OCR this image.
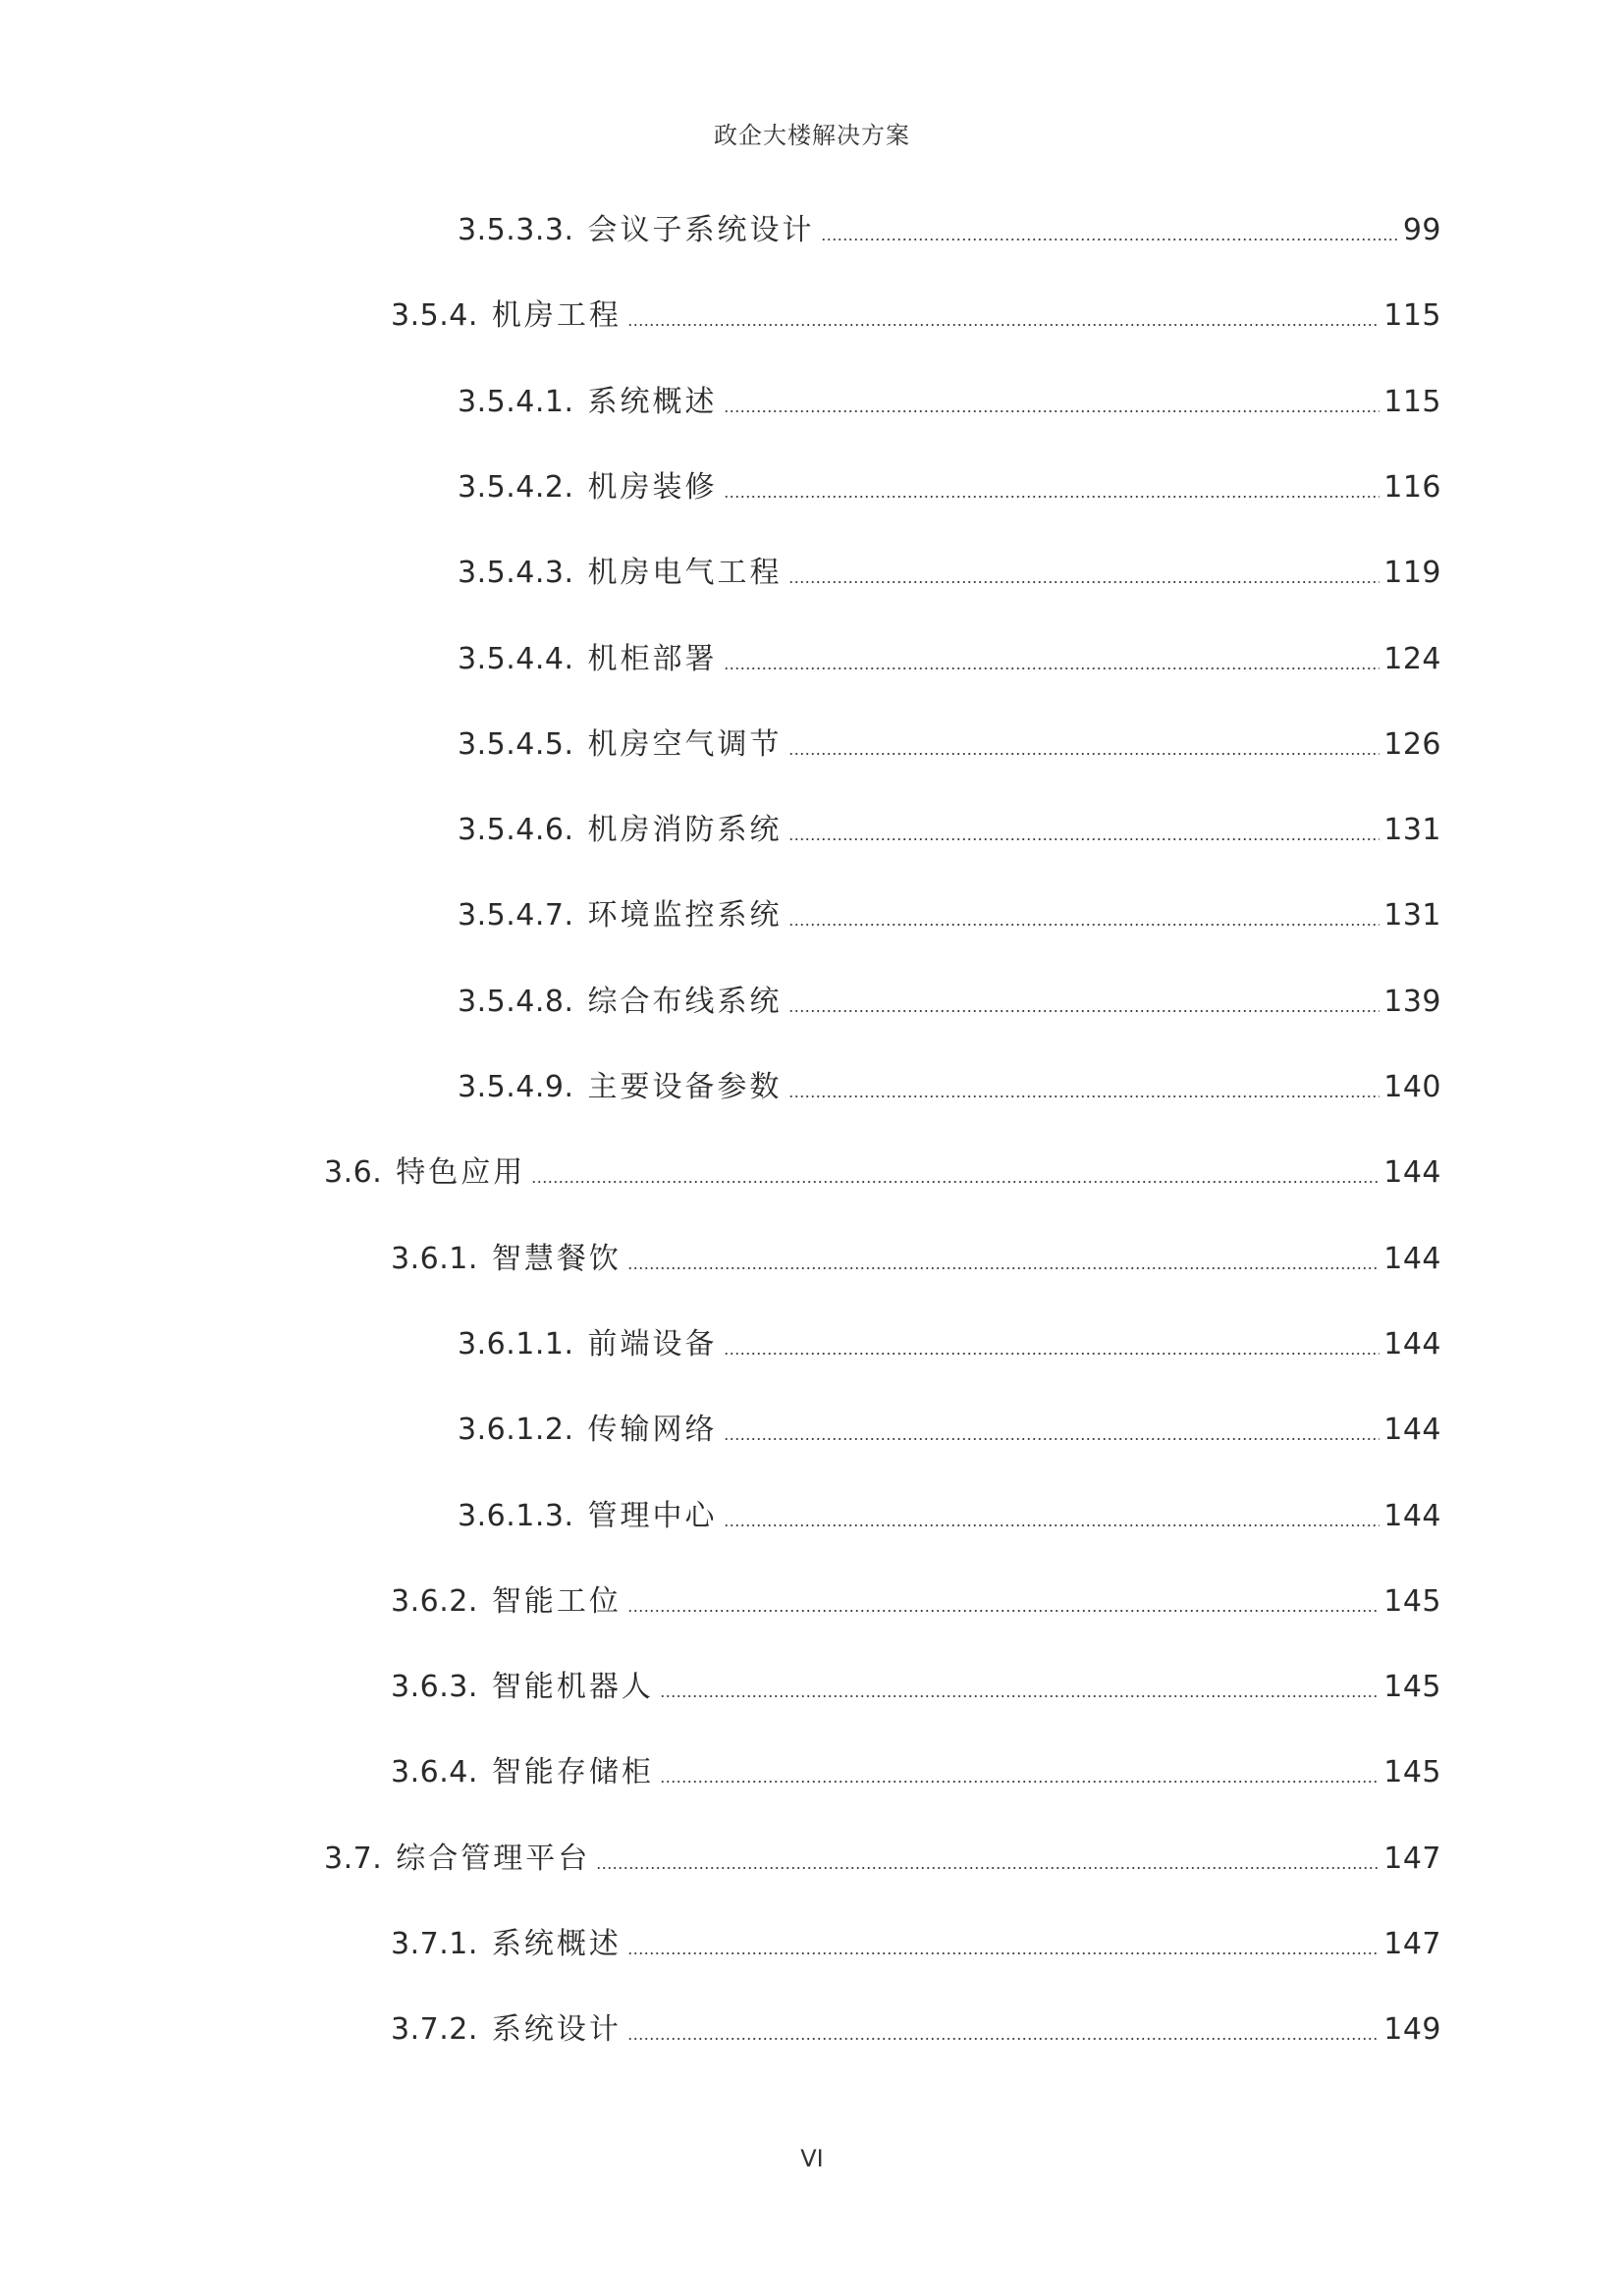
政企大楼解决方案
3.5.3.3. 会议子系统设计	99
3.5.4. 机房工程	115
3.5.4.1. 系统概述	115
3.5.4.2. 机房装修	116
3.5.4.3. 机房电气工程	119
3.5.4.4. 机柜部署	124
3.5.4.5. 机房空气调节	126
3.5.4.6. 机房消防系统	131
3.5.4.7. 环境监控系统	131
3.5.4.8. 综合布线系统	139
3.5.4.9. 主要设备参数	140
3.6. 特色应用	144
3.6.1. 智慧餐饮	144
3.6.1.1. 前端设备	144
3.6.1.2. 传输网络	144
3.6.1.3. 管理中心	144
3.6.2. 智能工位	145
3.6.3. 智能机器人	145
3.6.4. 智能存储柜	145
3.7. 综合管理平台	147
3.7.1. 系统概述	147
3.7.2. 系统设计	149
VI
